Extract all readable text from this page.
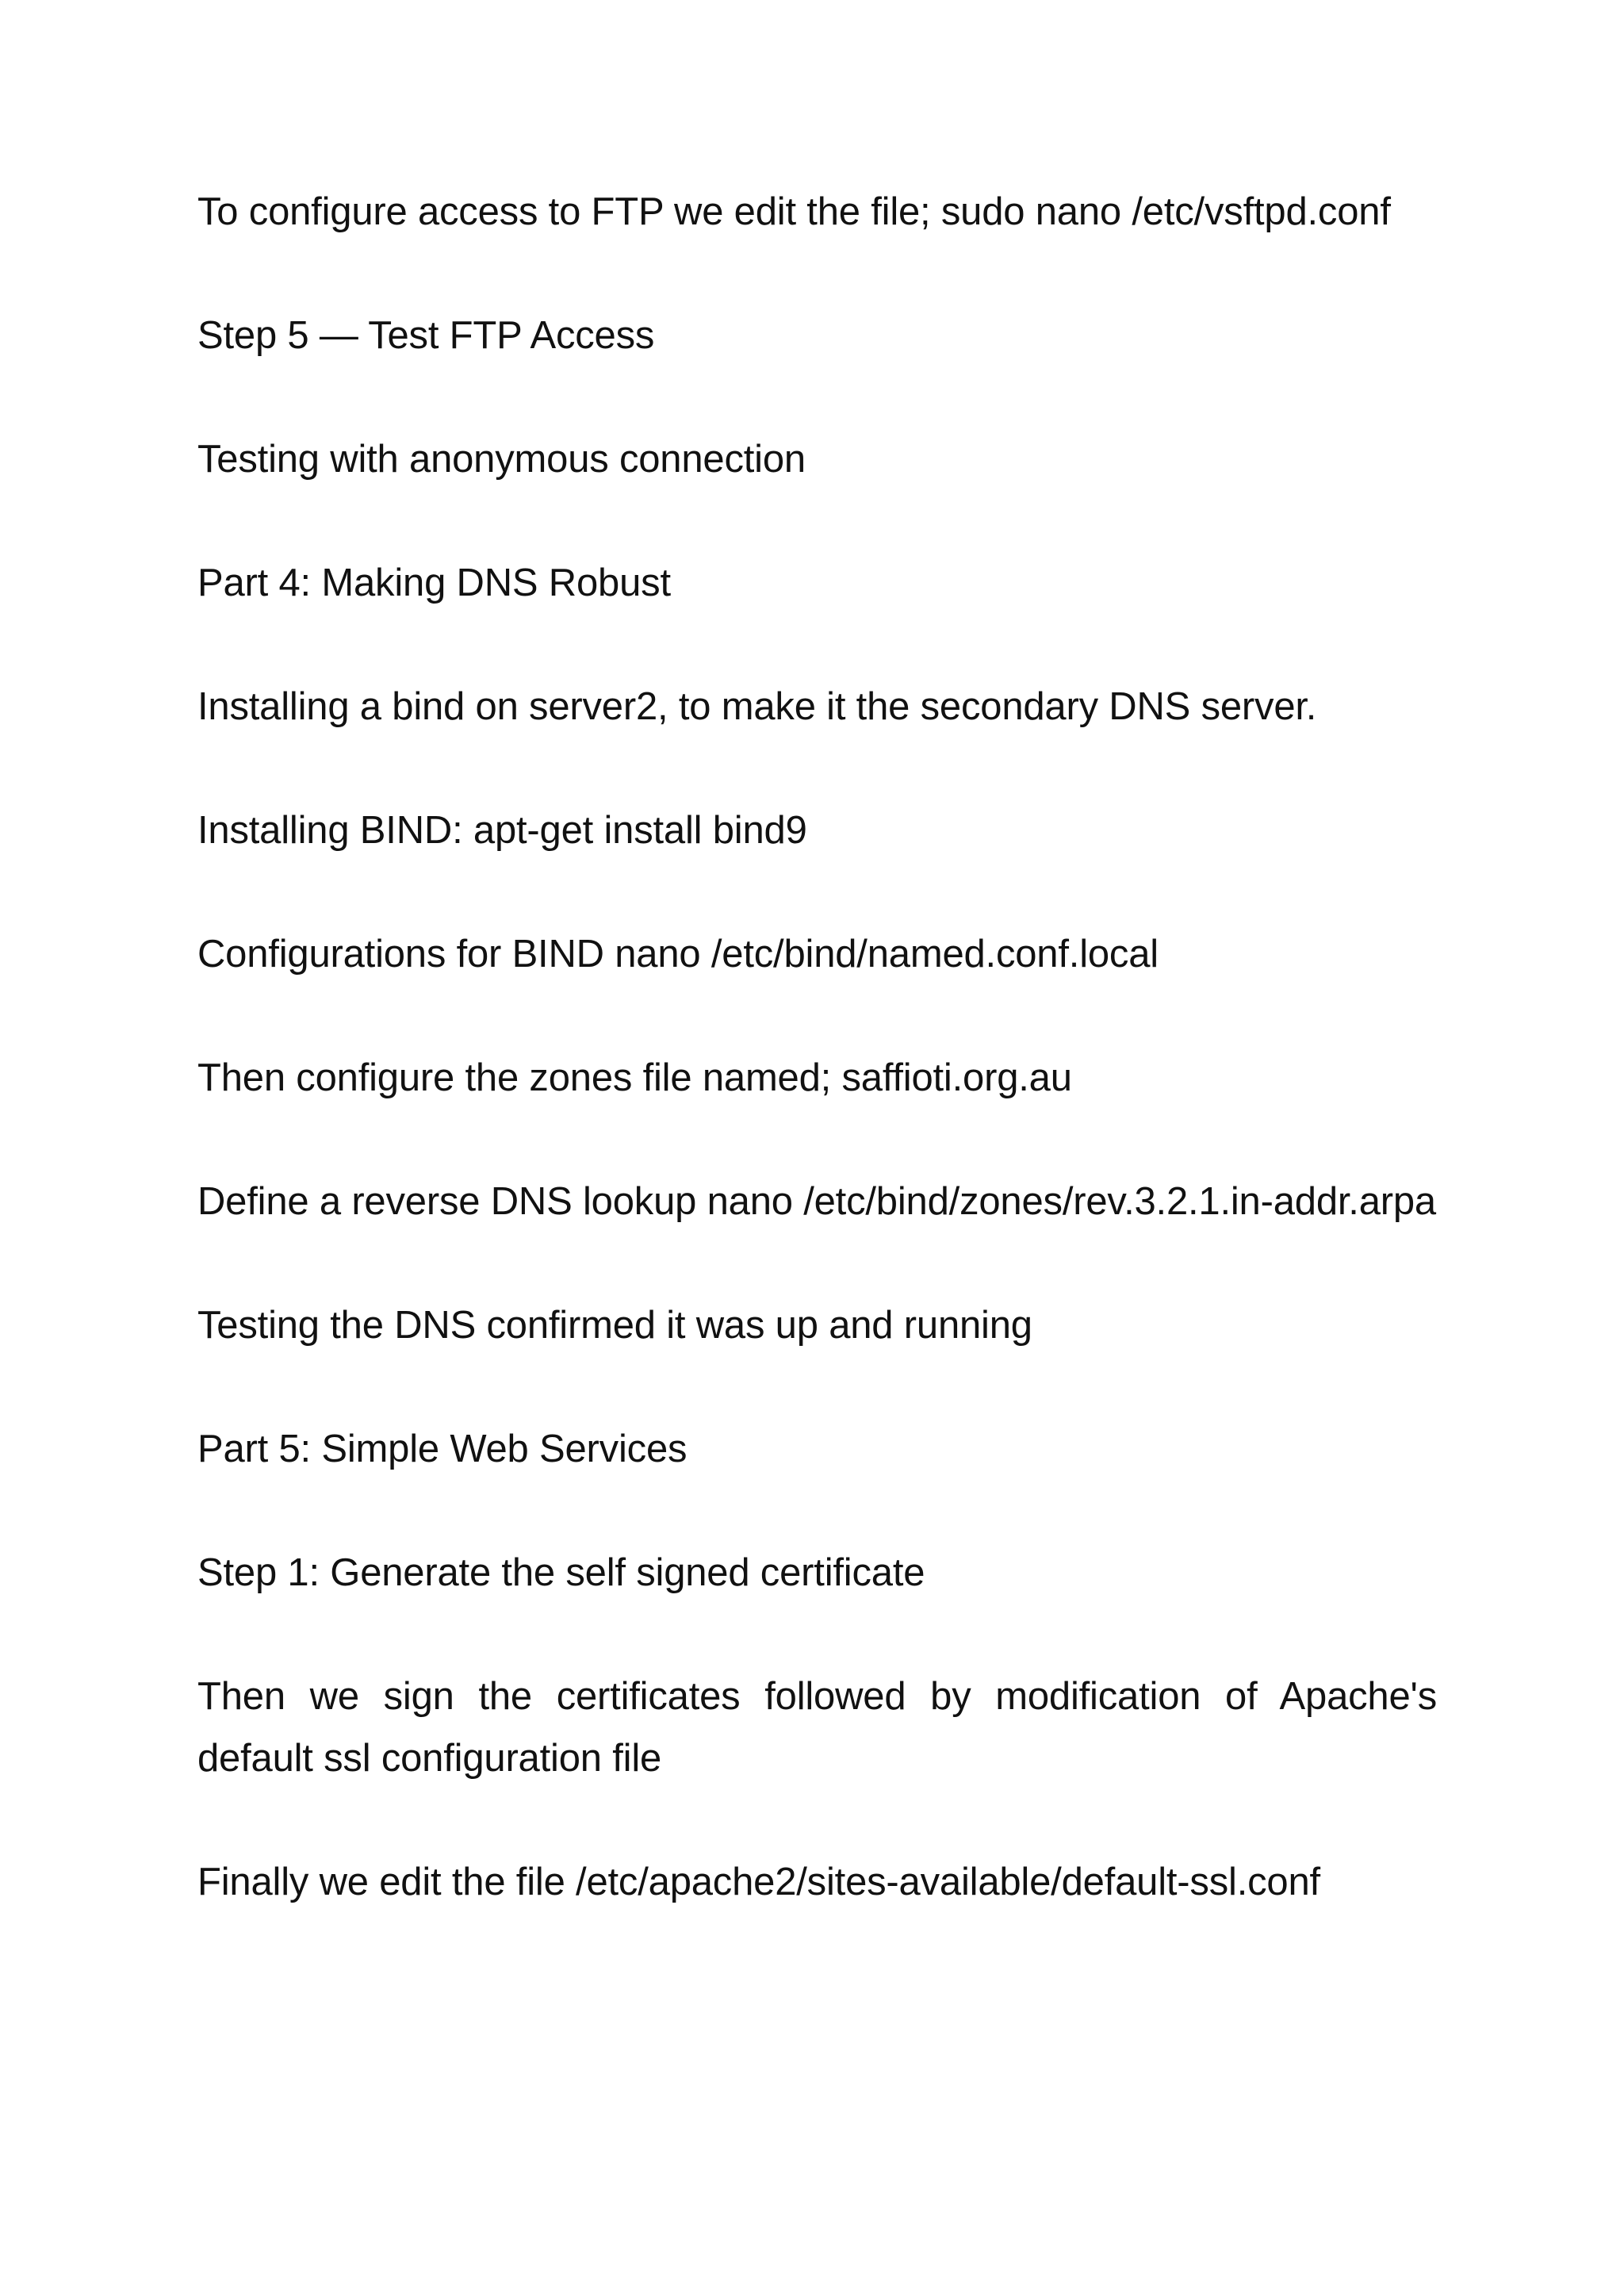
To configure access to FTP we edit the file; sudo nano /etc/vsftpd.conf

Step 5 — Test FTP Access

Testing with anonymous connection

Part 4: Making DNS Robust

Installing a bind on server2, to make it the secondary DNS server.

Installing BIND: apt-get install bind9

Configurations for BIND nano /etc/bind/named.conf.local

Then configure the zones file named; saffioti.org.au

Define a reverse DNS lookup nano /etc/bind/zones/rev.3.2.1.in-addr.arpa

Testing the DNS confirmed it was up and running

Part 5: Simple Web Services

Step 1: Generate the self signed certificate

Then we sign the certificates followed by modification of Apache's default ssl configuration file

Finally we edit the file /etc/apache2/sites-available/default-ssl.conf
